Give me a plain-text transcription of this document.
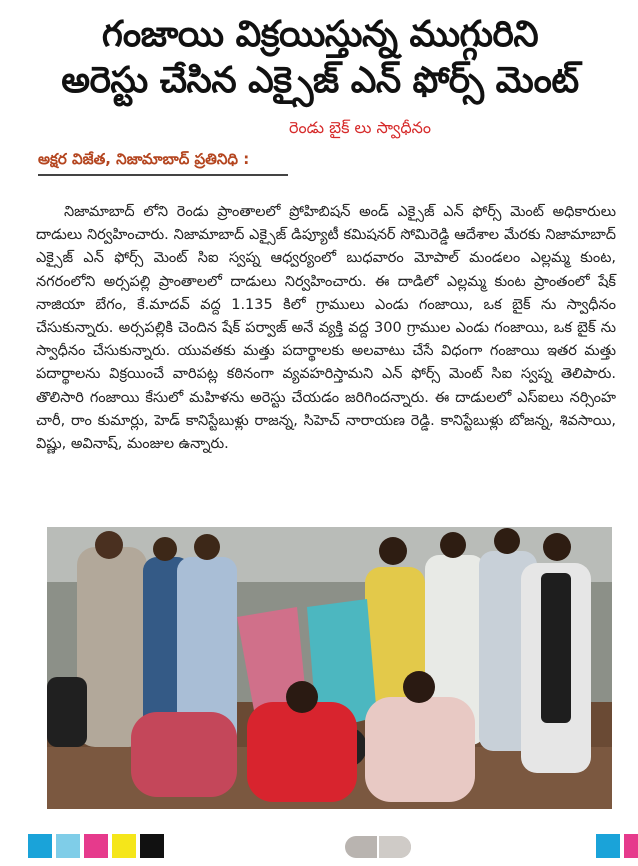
గంజాయి విక్రయిస్తున్న ముగ్గురిని
అరెస్టు చేసిన ఎక్సైజ్ ఎన్ ఫోర్స్ మెంట్
రెండు బైక్ లు స్వాధీనం
అక్షర విజేత, నిజామాబాద్ ప్రతినిధి :
నిజామాబాద్ లోని రెండు ప్రాంతాలలో ప్రోహిబిషన్ అండ్ ఎక్సైజ్ ఎన్ ఫోర్స్ మెంట్ అధికారులు దాడులు నిర్వహించారు. నిజామాబాద్ ఎక్సైజ్ డిప్యూటీ కమిషనర్ సోమిరెడ్డి ఆదేశాల మేరకు నిజామాబాద్ ఎక్సైజ్ ఎన్ ఫోర్స్ మెంట్ సిఐ స్వప్న ఆధ్వర్యంలో బుధవారం మోపాల్ మండలం ఎల్లమ్మ కుంట, నగరంలోని అర్సపల్లి ప్రాంతాలలో దాడులు నిర్వహించారు. ఈ దాడిలో ఎల్లమ్మ కుంట ప్రాంతంలో షేక్ నాజియా బేగం, కే.మాదవ్ వద్ద 1.135 కిలో గ్రాములు ఎండు గంజాయి, ఒక బైక్ ను స్వాధీనం చేసుకున్నారు. అర్సపల్లికి చెందిన షేక్ పర్వాజ్ అనే వ్యక్తి వద్ద 300 గ్రాముల ఎండు గంజాయి, ఒక బైక్ ను స్వాధీనం చేసుకున్నారు. యువతకు మత్తు పదార్థాలకు అలవాటు చేసే విధంగా గంజాయి ఇతర మత్తు పదార్థాలను విక్రయించే వారిపట్ల కఠినంగా వ్యవహరిస్తామని ఎన్ ఫోర్స్ మెంట్ సిఐ స్వప్న తెలిపారు. తొలిసారి గంజాయి కేసులో మహిళను అరెస్టు చేయడం జరిగిందన్నారు. ఈ దాడులలో ఎస్ఐలు నర్సింహ చారీ, రాం కుమార్లు, హెడ్ కానిస్టేబుళ్లు రాజన్న, సిహెచ్ నారాయణ రెడ్డి. కానిస్టేబుళ్లు బోజన్న, శివసాయి, విష్ణు, అవినాష్, మంజుల ఉన్నారు.
